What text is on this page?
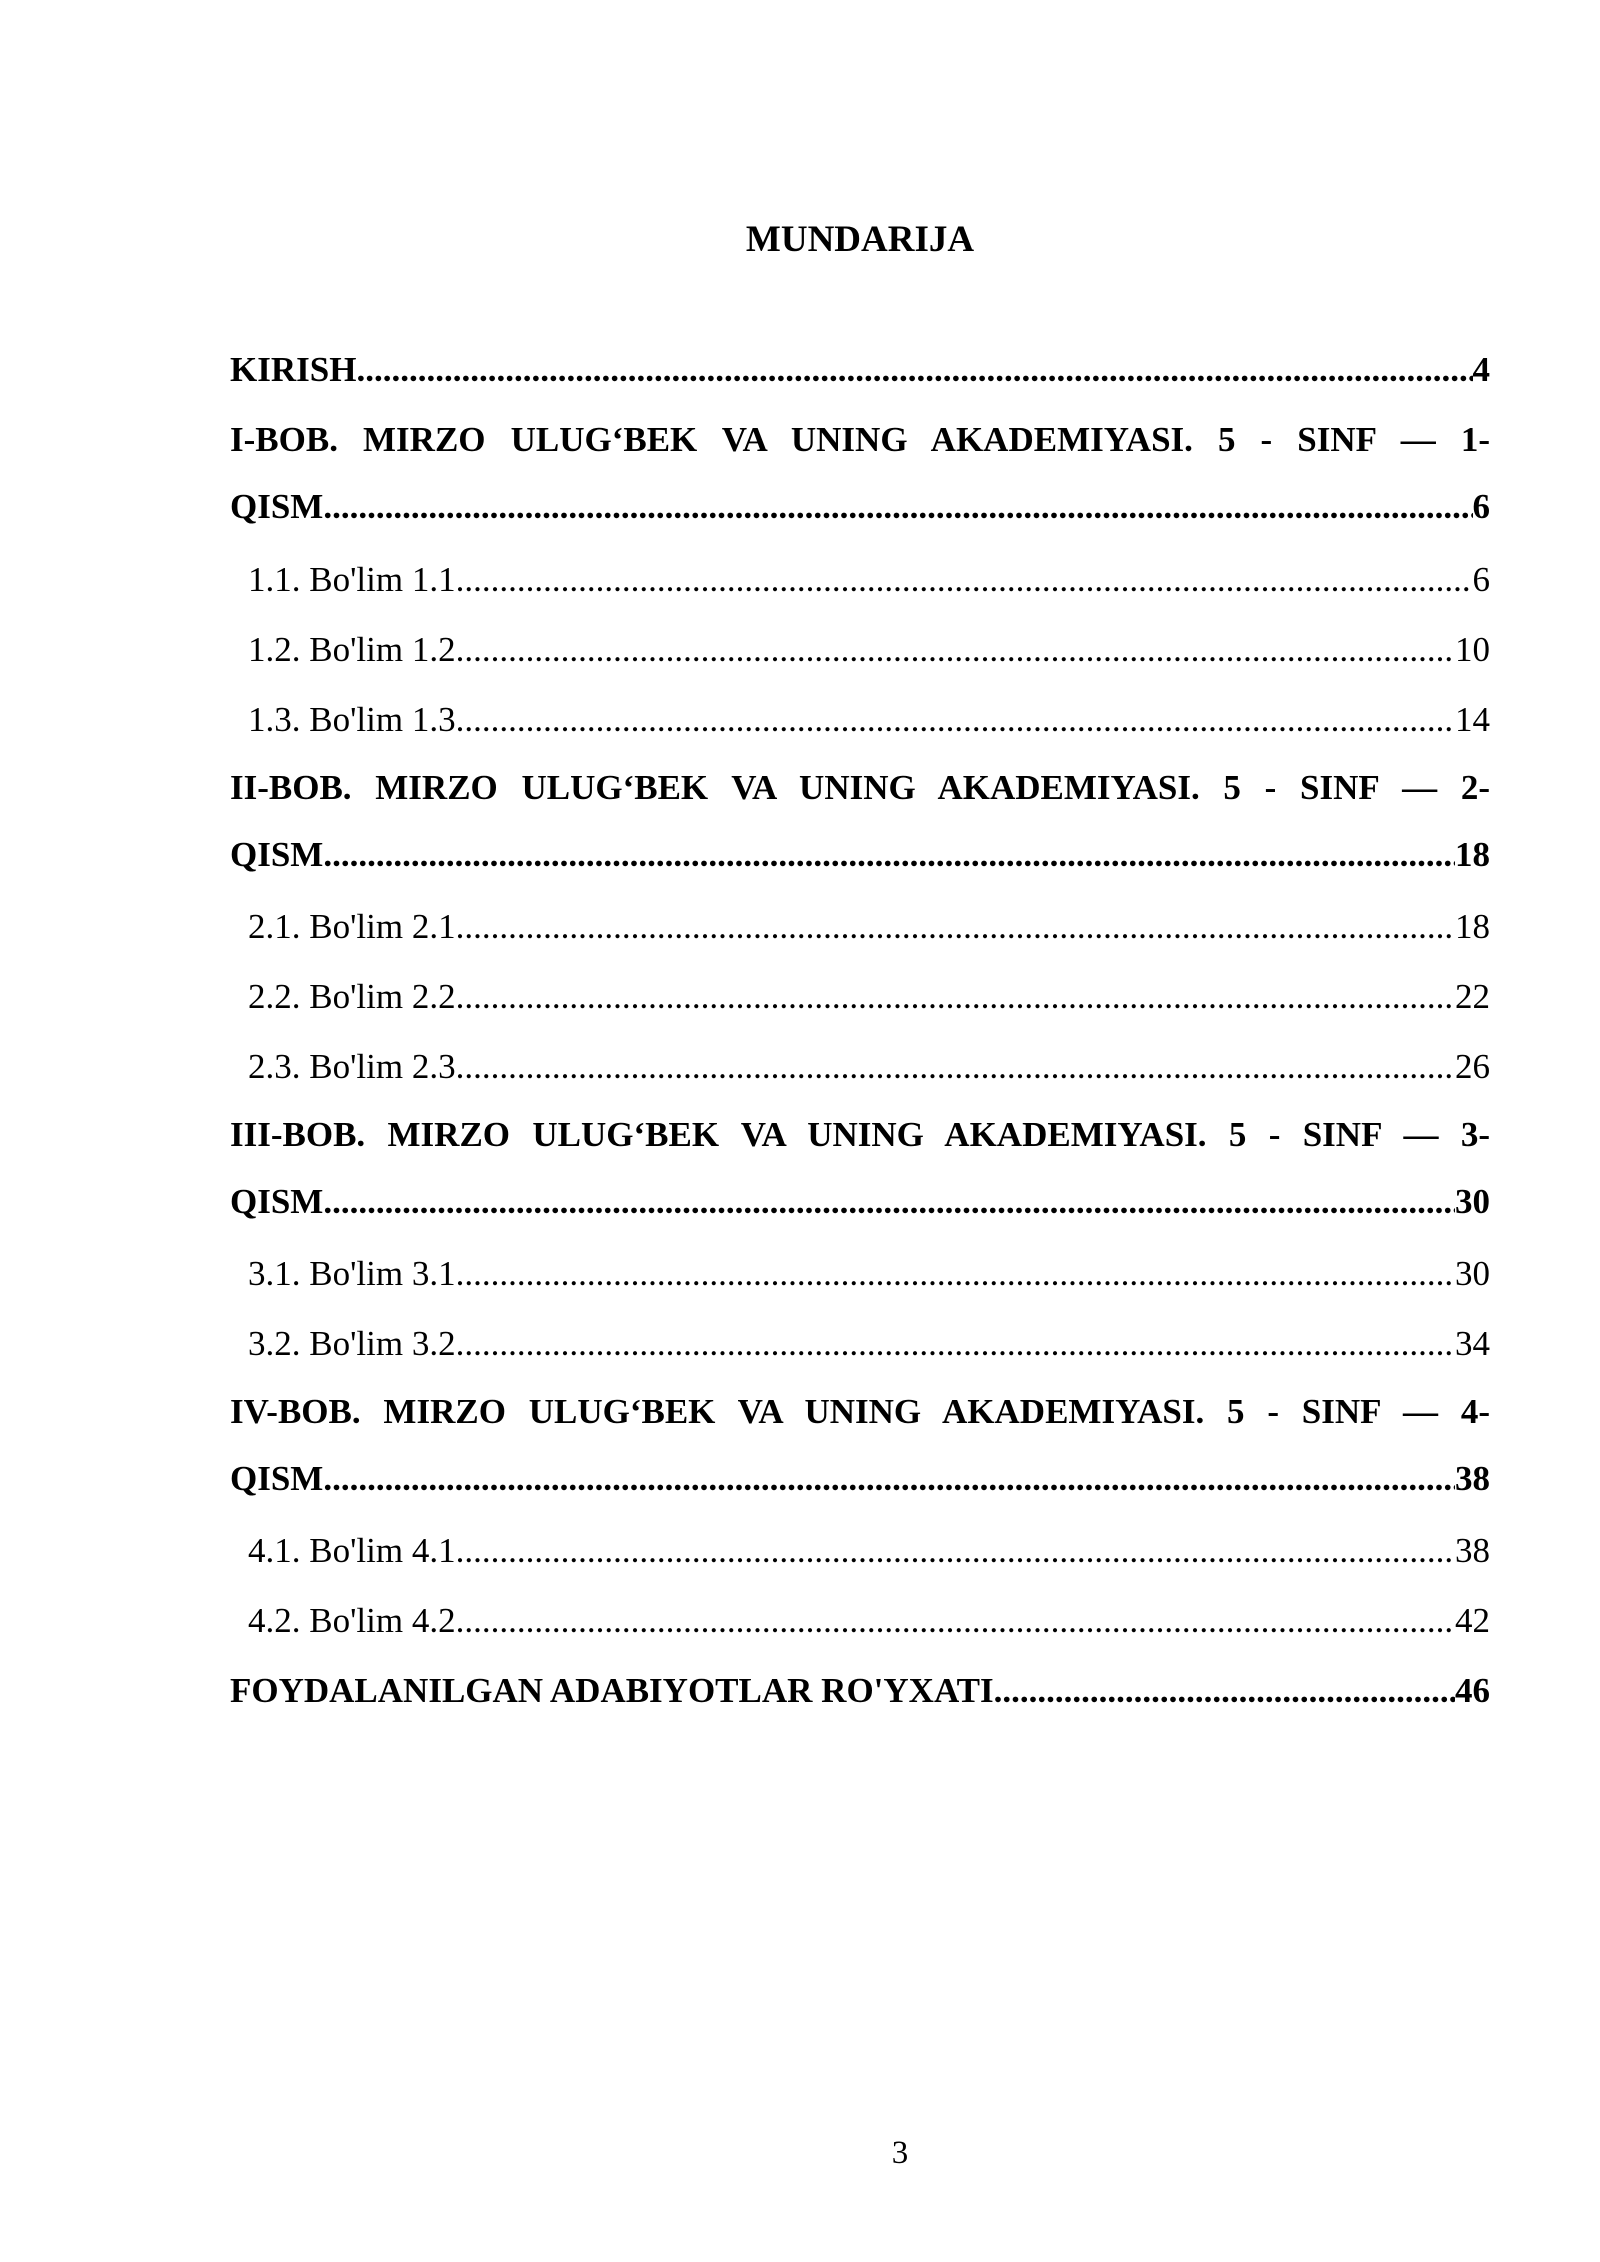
MUNDARIJA
KIRISH .....	4
I-BOB. MIRZO ULUG‘BEK VA UNING AKADEMIYASI. 5 - SINF — 1-
QISM .....	6
1.1. Bo'lim 1.1 .....	6
1.2. Bo'lim 1.2 .....	10
1.3. Bo'lim 1.3 .....	14
II-BOB. MIRZO ULUG‘BEK VA UNING AKADEMIYASI. 5 - SINF — 2-
QISM .....	18
2.1. Bo'lim 2.1 .....	18
2.2. Bo'lim 2.2 .....	22
2.3. Bo'lim 2.3 .....	26
III-BOB. MIRZO ULUG‘BEK VA UNING AKADEMIYASI. 5 - SINF — 3-
QISM .....	30
3.1. Bo'lim 3.1 .....	30
3.2. Bo'lim 3.2 .....	34
IV-BOB. MIRZO ULUG‘BEK VA UNING AKADEMIYASI. 5 - SINF — 4-
QISM .....	38
4.1. Bo'lim 4.1 .....	38
4.2. Bo'lim 4.2 .....	42
FOYDALANILGAN ADABIYOTLAR RO'YXATI .....	46
3
